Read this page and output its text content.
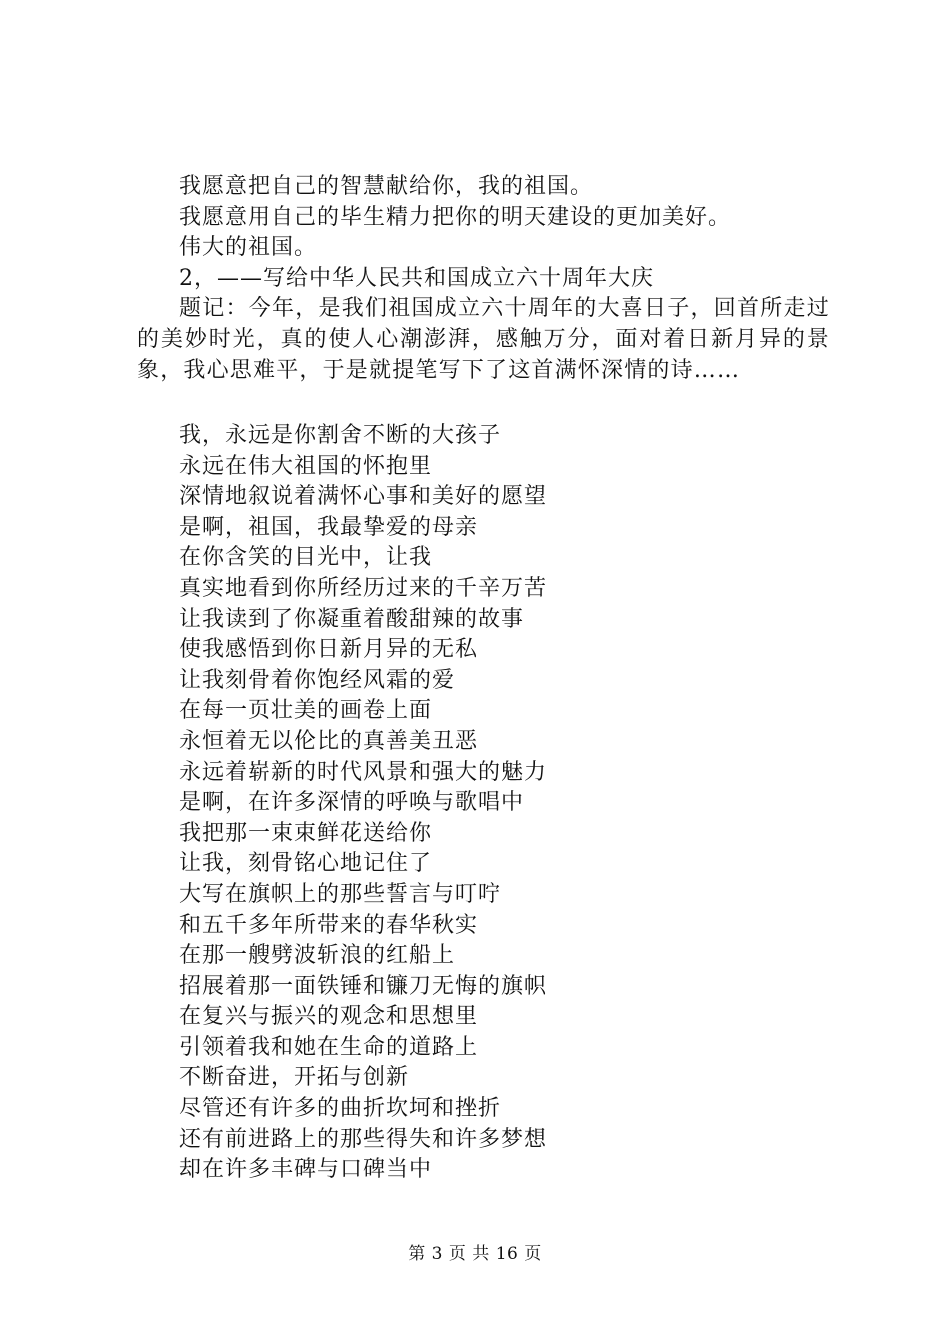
我愿意把自己的智慧献给你，我的祖国。
我愿意用自己的毕生精力把你的明天建设的更加美好。
伟大的祖国。
2，——写给中华人民共和国成立六十周年大庆

题记：今年，是我们祖国成立六十周年的大喜日子，回首所走过的美妙时光，真的使人心潮澎湃，感触万分，面对着日新月异的景象，我心思难平，于是就提笔写下了这首满怀深情的诗……

我，永远是你割舍不断的大孩子
永远在伟大祖国的怀抱里
深情地叙说着满怀心事和美好的愿望
是啊，祖国，我最挚爱的母亲
在你含笑的目光中，让我
真实地看到你所经历过来的千辛万苦
让我读到了你凝重着酸甜辣的故事
使我感悟到你日新月异的无私
让我刻骨着你饱经风霜的爱
在每一页壮美的画卷上面
永恒着无以伦比的真善美丑恶
永远着崭新的时代风景和强大的魅力
是啊，在许多深情的呼唤与歌唱中
我把那一束束鲜花送给你
让我，刻骨铭心地记住了
大写在旗帜上的那些誓言与叮咛
和五千多年所带来的春华秋实
在那一艘劈波斩浪的红船上
招展着那一面铁锤和镰刀无悔的旗帜
在复兴与振兴的观念和思想里
引领着我和她在生命的道路上
不断奋进，开拓与创新
尽管还有许多的曲折坎坷和挫折
还有前进路上的那些得失和许多梦想
却在许多丰碑与口碑当中
第 3 页 共 16 页
